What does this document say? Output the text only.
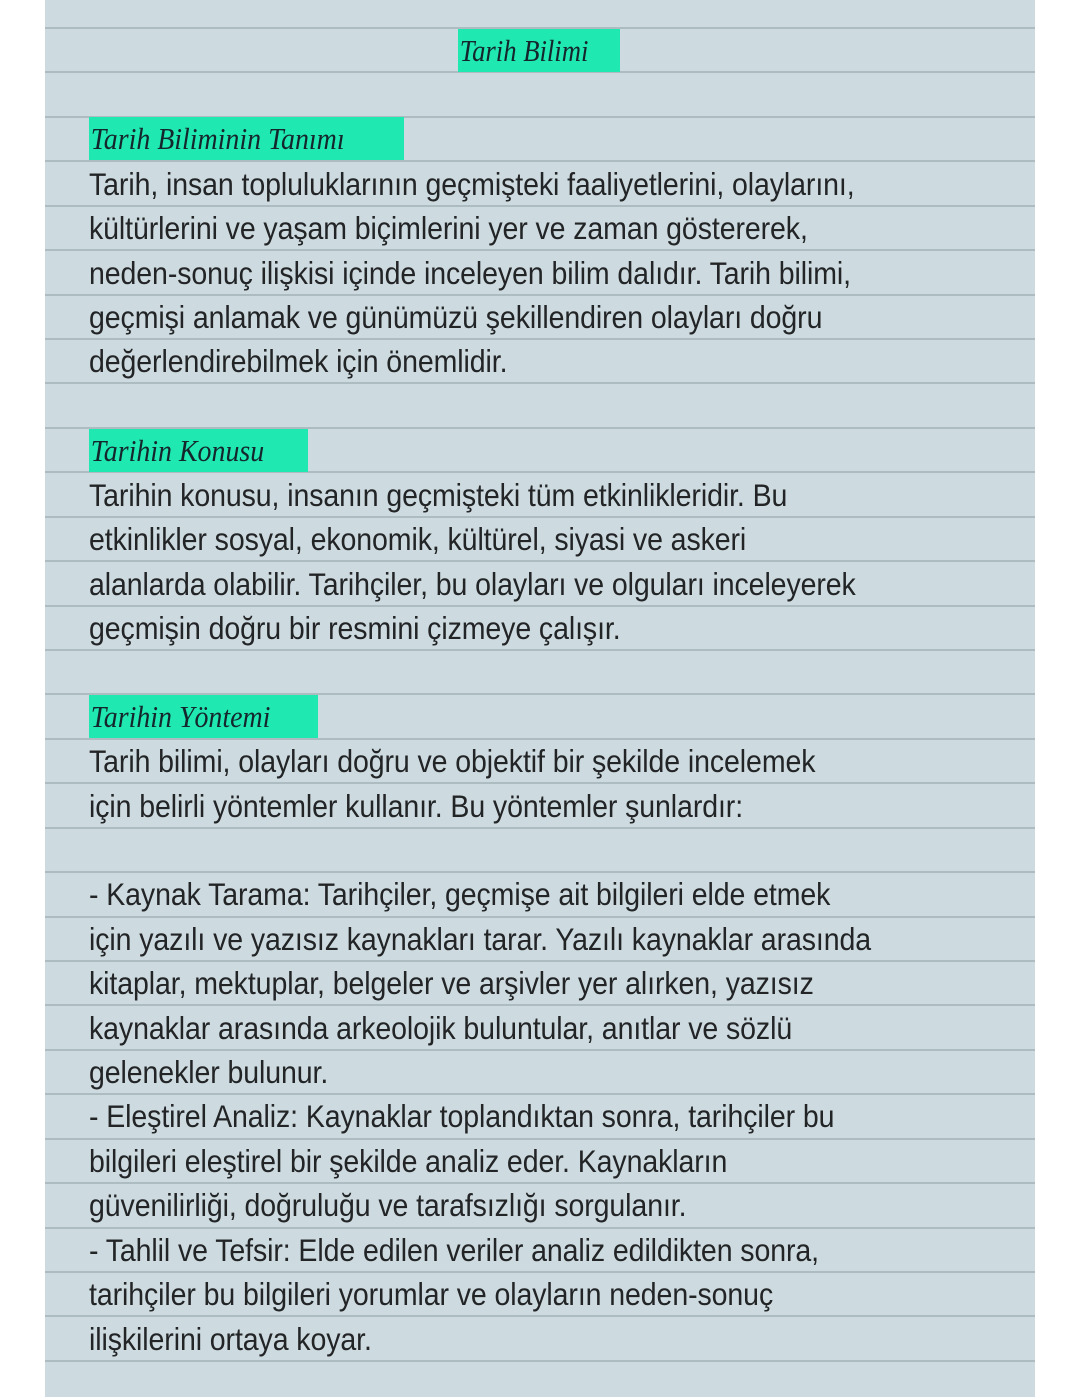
Tarih Bilimi
Tarih Biliminin Tanımı
Tarih, insan topluluklarının geçmişteki faaliyetlerini, olaylarını,
kültürlerini ve yaşam biçimlerini yer ve zaman göstererek,
neden-sonuç ilişkisi içinde inceleyen bilim dalıdır. Tarih bilimi,
geçmişi anlamak ve günümüzü şekillendiren olayları doğru
değerlendirebilmek için önemlidir.
Tarihin Konusu
Tarihin konusu, insanın geçmişteki tüm etkinlikleridir. Bu
etkinlikler sosyal, ekonomik, kültürel, siyasi ve askeri
alanlarda olabilir. Tarihçiler, bu olayları ve olguları inceleyerek
geçmişin doğru bir resmini çizmeye çalışır.
Tarihin Yöntemi
Tarih bilimi, olayları doğru ve objektif bir şekilde incelemek
için belirli yöntemler kullanır. Bu yöntemler şunlardır:
- Kaynak Tarama: Tarihçiler, geçmişe ait bilgileri elde etmek
için yazılı ve yazısız kaynakları tarar. Yazılı kaynaklar arasında
kitaplar, mektuplar, belgeler ve arşivler yer alırken, yazısız
kaynaklar arasında arkeolojik buluntular, anıtlar ve sözlü
gelenekler bulunur.
- Eleştirel Analiz: Kaynaklar toplandıktan sonra, tarihçiler bu
bilgileri eleştirel bir şekilde analiz eder. Kaynakların
güvenilirliği, doğruluğu ve tarafsızlığı sorgulanır.
- Tahlil ve Tefsir: Elde edilen veriler analiz edildikten sonra,
tarihçiler bu bilgileri yorumlar ve olayların neden-sonuç
ilişkilerini ortaya koyar.
